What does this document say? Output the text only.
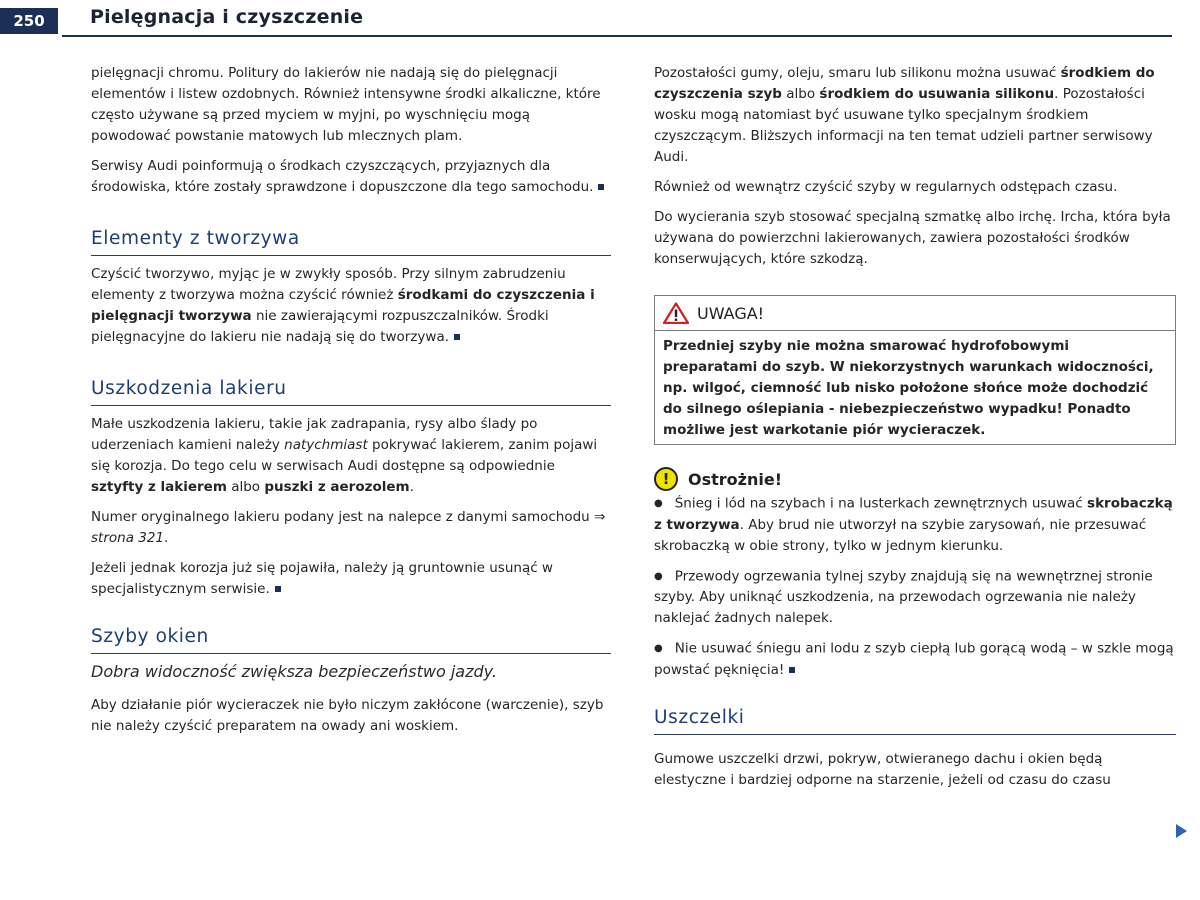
250	Pielęgnacja i czyszczenie

pielęgnacji chromu. Politury do lakierów nie nadają się do pielęgnacji elementów i listew ozdobnych. Również intensywne środki alkaliczne, które często używane są przed myciem w myjni, po wyschnięciu mogą powodować powstanie matowych lub mlecznych plam.

Serwisy Audi poinformują o środkach czyszczących, przyjaznych dla środowiska, które zostały sprawdzone i dopuszczone dla tego samochodu.

Elementy z tworzywa

Czyścić tworzywo, myjąc je w zwykły sposób. Przy silnym zabrudzeniu elementy z tworzywa można czyścić również środkami do czyszczenia i pielęgnacji tworzywa nie zawierającymi rozpuszczalników. Środki pielęgnacyjne do lakieru nie nadają się do tworzywa.

Uszkodzenia lakieru

Małe uszkodzenia lakieru, takie jak zadrapania, rysy albo ślady po uderzeniach kamieni należy natychmiast pokrywać lakierem, zanim pojawi się korozja. Do tego celu w serwisach Audi dostępne są odpowiednie sztyfty z lakierem albo puszki z aerozolem.

Numer oryginalnego lakieru podany jest na nalepce z danymi samochodu ⇒ strona 321.

Jeżeli jednak korozja już się pojawiła, należy ją gruntownie usunąć w specjalistycznym serwisie.

Szyby okien
Dobra widoczność zwiększa bezpieczeństwo jazdy.

Aby działanie piór wycieraczek nie było niczym zakłócone (warczenie), szyb nie należy czyścić preparatem na owady ani woskiem.

Pozostałości gumy, oleju, smaru lub silikonu można usuwać środkiem do czyszczenia szyb albo środkiem do usuwania silikonu. Pozostałości wosku mogą natomiast być usuwane tylko specjalnym środkiem czyszczącym. Bliższych informacji na ten temat udzieli partner serwisowy Audi.

Również od wewnątrz czyścić szyby w regularnych odstępach czasu.

Do wycierania szyb stosować specjalną szmatkę albo irchę. Ircha, która była używana do powierzchni lakierowanych, zawiera pozostałości środków konserwujących, które szkodzą.

UWAGA!
Przedniej szyby nie można smarować hydrofobowymi preparatami do szyb. W niekorzystnych warunkach widoczności, np. wilgoć, ciemność lub nisko położone słońce może dochodzić do silnego oślepiania - niebezpieczeństwo wypadku! Ponadto możliwe jest warkotanie piór wycieraczek.
!	Ostrożnie!

● Śnieg i lód na szybach i na lusterkach zewnętrznych usuwać skrobaczką z tworzywa. Aby brud nie utworzył na szybie zarysowań, nie przesuwać skrobaczką w obie strony, tylko w jednym kierunku.

● Przewody ogrzewania tylnej szyby znajdują się na wewnętrznej stronie szyby. Aby uniknąć uszkodzenia, na przewodach ogrzewania nie należy naklejać żadnych nalepek.

● Nie usuwać śniegu ani lodu z szyb ciepłą lub gorącą wodą – w szkle mogą powstać pęknięcia!

Uszczelki

Gumowe uszczelki drzwi, pokryw, otwieranego dachu i okien będą elestyczne i bardziej odporne na starzenie, jeżeli od czasu do czasu
